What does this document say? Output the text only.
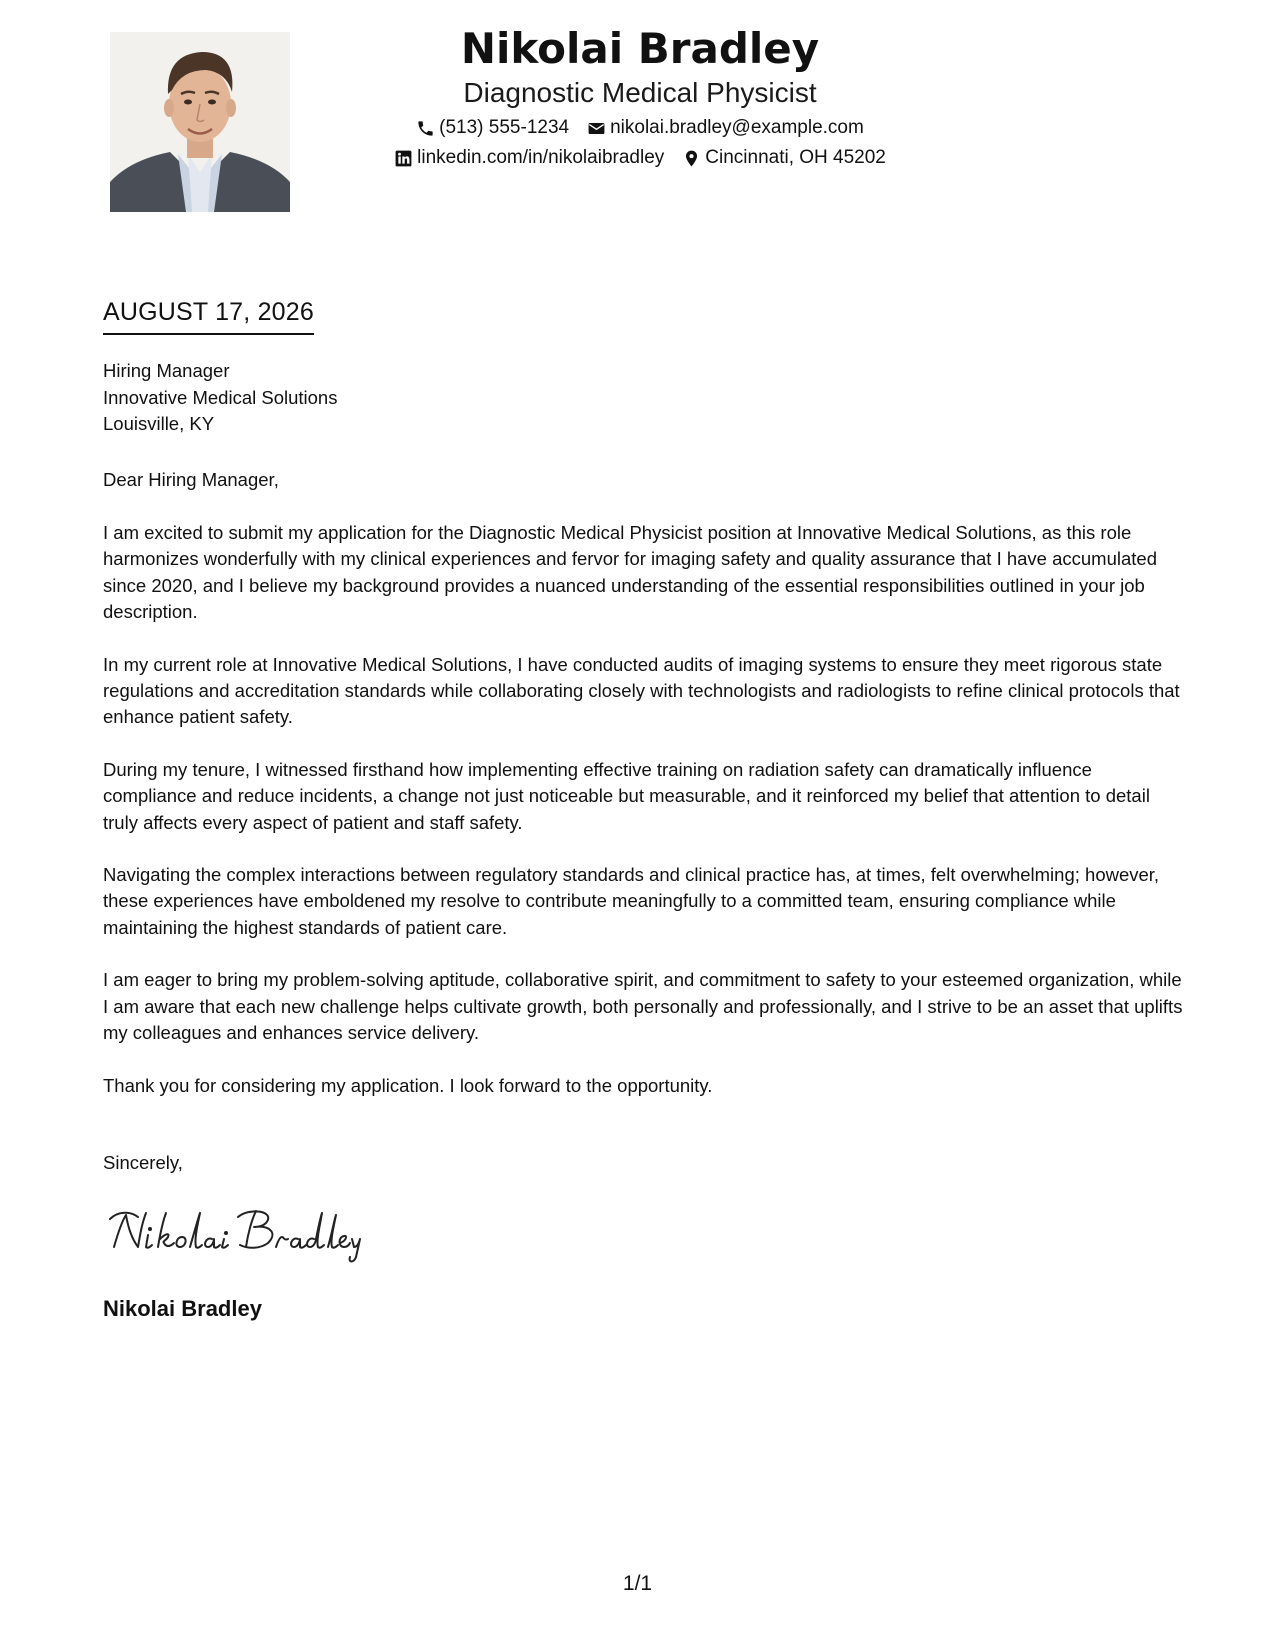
Nikolai Bradley
Diagnostic Medical Physicist
(513) 555-1234 nikolai.bradley@example.com
linkedin.com/in/nikolaibradley Cincinnati, OH 45202
AUGUST 17, 2026
Hiring Manager
Innovative Medical Solutions
Louisville, KY
Dear Hiring Manager,

I am excited to submit my application for the Diagnostic Medical Physicist position at Innovative Medical Solutions, as this role harmonizes wonderfully with my clinical experiences and fervor for imaging safety and quality assurance that I have accumulated since 2020, and I believe my background provides a nuanced understanding of the essential responsibilities outlined in your job description.

In my current role at Innovative Medical Solutions, I have conducted audits of imaging systems to ensure they meet rigorous state regulations and accreditation standards while collaborating closely with technologists and radiologists to refine clinical protocols that enhance patient safety.

During my tenure, I witnessed firsthand how implementing effective training on radiation safety can dramatically influence compliance and reduce incidents, a change not just noticeable but measurable, and it reinforced my belief that attention to detail truly affects every aspect of patient and staff safety.

Navigating the complex interactions between regulatory standards and clinical practice has, at times, felt overwhelming; however, these experiences have emboldened my resolve to contribute meaningfully to a committed team, ensuring compliance while maintaining the highest standards of patient care.

I am eager to bring my problem-solving aptitude, collaborative spirit, and commitment to safety to your esteemed organization, while I am aware that each new challenge helps cultivate growth, both personally and professionally, and I strive to be an asset that uplifts my colleagues and enhances service delivery.

Thank you for considering my application. I look forward to the opportunity.

Sincerely,
Nikolai Bradley
1/1
